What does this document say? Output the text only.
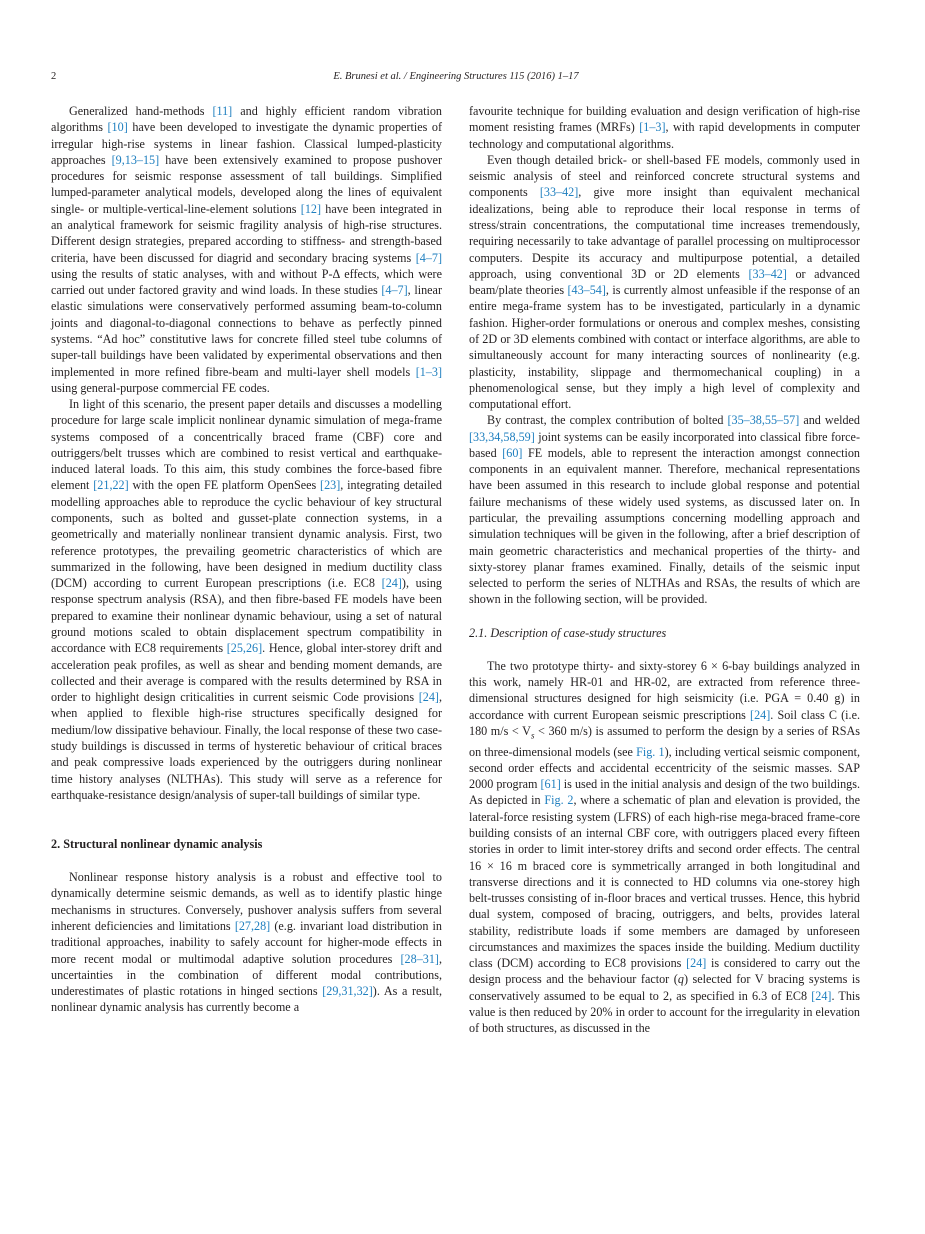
2	E. Brunesi et al. / Engineering Structures 115 (2016) 1–17

Generalized hand-methods [11] and highly efficient random vibration algorithms [10] have been developed to investigate the dynamic properties of irregular high-rise systems in linear fashion. Classical lumped-plasticity approaches [9,13–15] have been extensively examined to propose pushover procedures for seismic response assessment of tall buildings. Simplified lumped-parameter analytical models, developed along the lines of equivalent single- or multiple-vertical-line-element solutions [12] have been integrated in an analytical framework for seismic fragility analysis of high-rise structures. Different design strategies, prepared according to stiffness- and strength-based criteria, have been discussed for diagrid and secondary bracing systems [4–7] using the results of static analyses, with and without P-Δ effects, which were carried out under factored gravity and wind loads. In these studies [4–7], linear elastic simulations were conservatively performed assuming beam-to-column joints and diagonal-to-diagonal connections to behave as perfectly pinned systems. “Ad hoc” constitutive laws for concrete filled steel tube columns of super-tall buildings have been validated by experimental observations and then implemented in more refined fibre-beam and multi-layer shell models [1–3] using general-purpose commercial FE codes.

In light of this scenario, the present paper details and discusses a modelling procedure for large scale implicit nonlinear dynamic simulation of mega-frame systems composed of a concentrically braced frame (CBF) core and outriggers/belt trusses which are combined to resist vertical and earthquake-induced lateral loads. To this aim, this study combines the force-based fibre element [21,22] with the open FE platform OpenSees [23], integrating detailed modelling approaches able to reproduce the cyclic behaviour of key structural components, such as bolted and gusset-plate connection systems, in a geometrically and materially nonlinear transient dynamic analysis. First, two reference prototypes, the prevailing geometric characteristics of which are summarized in the following, have been designed in medium ductility class (DCM) according to current European prescriptions (i.e. EC8 [24]), using response spectrum analysis (RSA), and then fibre-based FE models have been prepared to examine their nonlinear dynamic behaviour, using a set of natural ground motions scaled to obtain displacement spectrum compatibility in accordance with EC8 requirements [25,26]. Hence, global inter-storey drift and acceleration peak profiles, as well as shear and bending moment demands, are collected and their average is compared with the results determined by RSA in order to highlight design criticalities in current seismic Code provisions [24], when applied to flexible high-rise structures specifically designed for medium/low dissipative behaviour. Finally, the local response of these two case-study buildings is discussed in terms of hysteretic behaviour of critical braces and peak compressive loads experienced by the outriggers during nonlinear time history analyses (NLTHAs). This study will serve as a reference for earthquake-resistance design/analysis of super-tall buildings of similar type.

2. Structural nonlinear dynamic analysis

Nonlinear response history analysis is a robust and effective tool to dynamically determine seismic demands, as well as to identify plastic hinge mechanisms in structures. Conversely, pushover analysis suffers from several inherent deficiencies and limitations [27,28] (e.g. invariant load distribution in traditional approaches, inability to safely account for higher-mode effects in more recent modal or multimodal adaptive solution procedures [28–31], uncertainties in the combination of different modal contributions, underestimates of plastic rotations in hinged sections [29,31,32]). As a result, nonlinear dynamic analysis has currently become a

favourite technique for building evaluation and design verification of high-rise moment resisting frames (MRFs) [1–3], with rapid developments in computer technology and computational algorithms.

Even though detailed brick- or shell-based FE models, commonly used in seismic analysis of steel and reinforced concrete structural systems and components [33–42], give more insight than equivalent mechanical idealizations, being able to reproduce their local response in terms of stress/strain concentrations, the computational time increases tremendously, requiring necessarily to take advantage of parallel processing on multiprocessor computers. Despite its accuracy and multipurpose potential, a detailed approach, using conventional 3D or 2D elements [33–42] or advanced beam/plate theories [43–54], is currently almost unfeasible if the response of an entire mega-frame system has to be investigated, particularly in a dynamic fashion. Higher-order formulations or onerous and complex meshes, consisting of 2D or 3D elements combined with contact or interface algorithms, are able to simultaneously account for many interacting sources of nonlinearity (e.g. plasticity, instability, slippage and thermomechanical coupling) in a phenomenological sense, but they imply a high level of complexity and computational effort.

By contrast, the complex contribution of bolted [35–38,55–57] and welded [33,34,58,59] joint systems can be easily incorporated into classical fibre force-based [60] FE models, able to represent the interaction amongst connection components in an equivalent manner. Therefore, mechanical representations have been assumed in this research to include global response and potential failure mechanisms of these widely used systems, as discussed later on. In particular, the prevailing assumptions concerning modelling approach and simulation techniques will be given in the following, after a brief description of main geometric characteristics and mechanical properties of the thirty- and sixty-storey planar frames examined. Finally, details of the seismic input selected to perform the series of NLTHAs and RSAs, the results of which are shown in the following section, will be provided.

2.1. Description of case-study structures

The two prototype thirty- and sixty-storey 6 × 6-bay buildings analyzed in this work, namely HR-01 and HR-02, are extracted from reference three-dimensional structures designed for high seismicity (i.e. PGA = 0.40 g) in accordance with current European seismic prescriptions [24]. Soil class C (i.e. 180 $m/s < V_s < 360$ m/s) is assumed to perform the design by a series of RSAs on three-dimensional models (see Fig. 1), including vertical seismic component, second order effects and accidental eccentricity of the seismic masses. SAP 2000 program [61] is used in the initial analysis and design of the two buildings. As depicted in Fig. 2, where a schematic of plan and elevation is provided, the lateral-force resisting system (LFRS) of each high-rise mega-braced frame-core building consists of an internal CBF core, with outriggers placed every fifteen stories in order to limit inter-storey drifts and second order effects. The central 16 × 16 m braced core is symmetrically arranged in both longitudinal and transverse directions and it is connected to HD columns via one-storey high belt-trusses consisting of in-floor braces and vertical trusses. Hence, this hybrid dual system, composed of bracing, outriggers, and belts, provides lateral stability, redistribute loads if some members are damaged by unforeseen circumstances and maximizes the spaces inside the building. Medium ductility class (DCM) according to EC8 provisions [24] is considered to carry out the design process and the behaviour factor (q) selected for V bracing systems is conservatively assumed to be equal to 2, as specified in 6.3 of EC8 [24]. This value is then reduced by 20% in order to account for the irregularity in elevation of both structures, as discussed in the
